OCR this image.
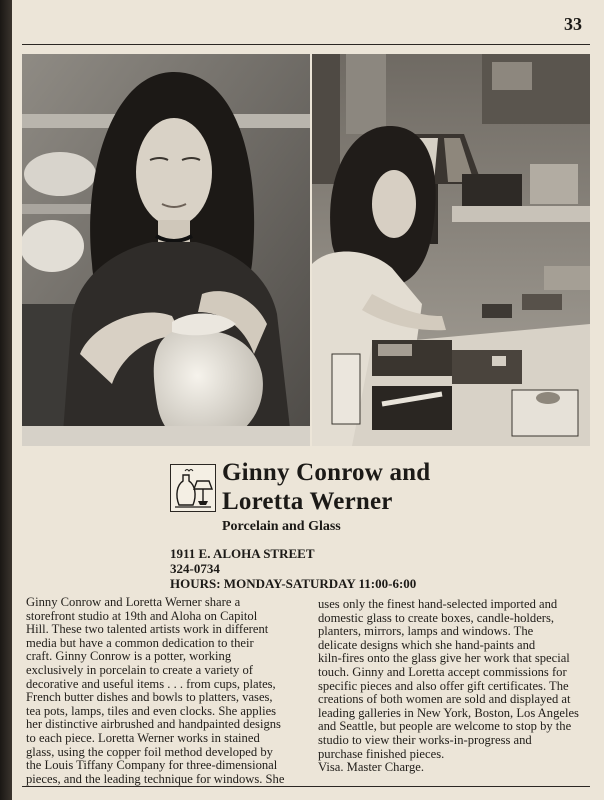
33
Ginny Conrow and
Loretta Werner
Porcelain and Glass
1911 E. ALOHA STREET
324-0734
HOURS: MONDAY-SATURDAY 11:00-6:00

Ginny Conrow and Loretta Werner share a
storefront studio at 19th and Aloha on Capitol
Hill. These two talented artists work in different
media but have a common dedication to their
craft. Ginny Conrow is a potter, working
exclusively in porcelain to create a variety of
decorative and useful items . . . from cups, plates,
French butter dishes and bowls to platters, vases,
tea pots, lamps, tiles and even clocks. She applies
her distinctive airbrushed and handpainted designs
to each piece. Loretta Werner works in stained
glass, using the copper foil method developed by
the Louis Tiffany Company for three-dimensional
pieces, and the leading technique for windows. She

uses only the finest hand-selected imported and
domestic glass to create boxes, candle-holders,
planters, mirrors, lamps and windows. The
delicate designs which she hand-paints and
kiln-fires onto the glass give her work that special
touch. Ginny and Loretta accept commissions for
specific pieces and also offer gift certificates. The
creations of both women are sold and displayed at
leading galleries in New York, Boston, Los Angeles
and Seattle, but people are welcome to stop by the
studio to view their works-in-progress and
purchase finished pieces.
Visa. Master Charge.
